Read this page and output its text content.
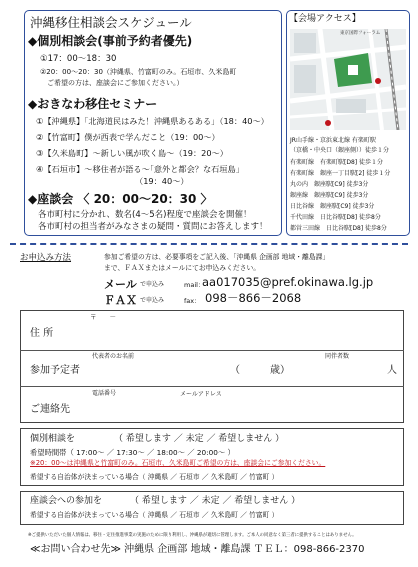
沖縄移住相談会スケジュール
◆個別相談会(事前予約者優先)
①17：00～18：30
②20：00～20：30（沖縄県、竹富町のみ。石垣市、久米島町
ご希望の方は、座談会にご参加ください。）
◆おきなわ移住セミナー
①【沖縄県】｢北海道民はみた！沖縄県あるある｣（18：40～）
②【竹富町】僕が西表で学んだこと（19：00～）
③【久米島町】～新しい風が吹く島～（19：20～）
④【石垣市】～移住者が語る～｢意外と都会？な石垣島｣
（19：40～）
◆座談会 〈 20：00～20：30 〉
各市町村に分かれ、数名(4～5名)程度で座談会を開催！
各市町村の担当者がみなさまの疑問・質問にお答えします！
【会場アクセス】
東京国際フォーラム
JR山手線・京浜東北線 有楽町駅
（京橋・中央口（銀座側））徒歩１分
有楽町線　有楽町駅[D8] 徒歩１分
有楽町線　銀座一丁目駅[2] 徒歩１分
丸の内　銀座駅[C9] 徒歩3分
銀座線　銀座駅[C9] 徒歩3分
日比谷線　銀座駅[C9] 徒歩3分
千代田線　日比谷駅[D8] 徒歩8分
都営三田線　日比谷駅[D8] 徒歩8分
お申込み方法	参加ご希望の方は、必要事項をご記入後、「沖縄県 企画部 地域・離島課」
まで、ＦＡＸまたはメールにてお申込みください。
メール で申込み	mail：
aa017035@pref.okinawa.lg.jp
ＦＡＸ で申込み	fax： 098－866－2068
〒　　－
住 所
代表者のお名前	同伴者数
参加予定者	（　　　歳）	人
電話番号	メールアドレス
ご連絡先
個別相談を	（ 希望します ／ 未定 ／ 希望しません ）
希望時間帯（ 17:00～ ／ 17:30～ ／ 18:00～ ／ 20:00～ ）
※20：00～は沖縄県と竹富町のみ。石垣市、久米島町ご希望の方は、座談会にご参加ください。
希望する自治体が決まっている場合（ 沖縄県 ／ 石垣市 ／ 久米島町 ／ 竹富町 ）
座談会への参加を	（ 希望します ／ 未定 ／ 希望しません ）
希望する自治体が決まっている場合（ 沖縄県 ／ 石垣市 ／ 久米島町 ／ 竹富町 ）
※ご提供いただいた個人情報は、移住・定住推進事業の実施のために限り利用し、沖縄県が適切に管理します。ご本人の同意なく第三者に提供することはありません。
≪お問い合わせ先≫ 沖縄県 企画部 地域・離島課 ＴＥＬ：098-866-2370
